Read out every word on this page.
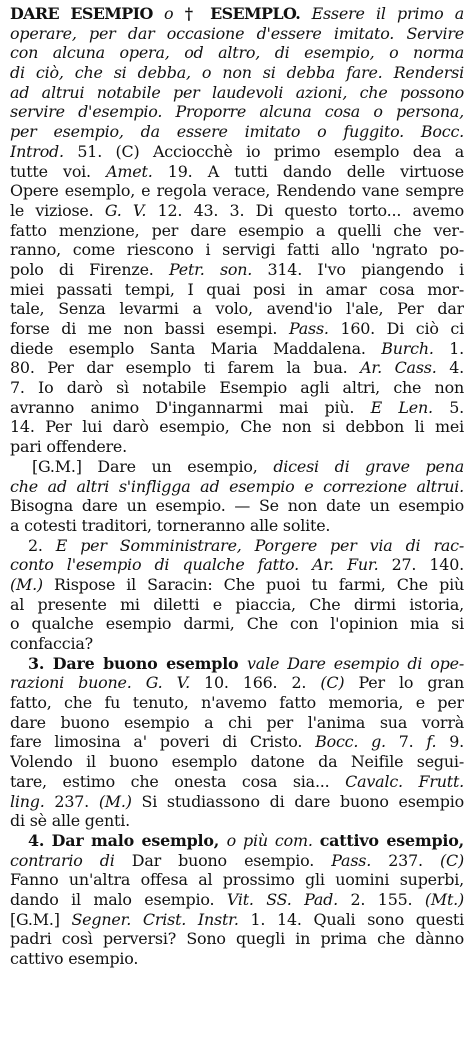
DARE ESEMPIO o † ESEMPLO. Essere il primo a
operare, per dar occasione d'essere imitato. Servire
con alcuna opera, od altro, di esempio, o norma
di ciò, che si debba, o non si debba fare. Rendersi
ad altrui notabile per laudevoli azioni, che possono
servire d'esempio. Proporre alcuna cosa o persona,
per esempio, da essere imitato o fuggito. Bocc.
Introd. 51. (C) Acciocchè io primo esemplo dea a
tutte voi. Amet. 19. A tutti dando delle virtuose
Opere esemplo, e regola verace, Rendendo vane sempre
le viziose. G. V. 12. 43. 3. Di questo torto... avemo
fatto menzione, per dare esempio a quelli che ver-
ranno, come riescono i servigi fatti allo 'ngrato po-
polo di Firenze. Petr. son. 314. I'vo piangendo i
miei passati tempi, I quai posi in amar cosa mor-
tale, Senza levarmi a volo, avend'io l'ale, Per dar
forse di me non bassi esempi. Pass. 160. Di ciò ci
diede esemplo Santa Maria Maddalena. Burch. 1.
80. Per dar esemplo ti farem la bua. Ar. Cass. 4.
7. Io darò sì notabile Esempio agli altri, che non
avranno animo D'ingannarmi mai più. E Len. 5.
14. Per lui darò esempio, Che non si debbon li mei
pari offendere.
[G.M.] Dare un esempio, dicesi di grave pena
che ad altri s'infligga ad esempio e correzione altrui.
Bisogna dare un esempio. — Se non date un esempio
a cotesti traditori, torneranno alle solite.
2. E per Somministrare, Porgere per via di rac-
conto l'esempio di qualche fatto. Ar. Fur. 27. 140.
(M.) Rispose il Saracin: Che puoi tu farmi, Che più
al presente mi diletti e piaccia, Che dirmi istoria,
o qualche esempio darmi, Che con l'opinion mia si
confaccia?
3. Dare buono esemplo vale Dare esempio di ope-
razioni buone. G. V. 10. 166. 2. (C) Per lo gran
fatto, che fu tenuto, n'avemo fatto memoria, e per
dare buono esempio a chi per l'anima sua vorrà
fare limosina a' poveri di Cristo. Bocc. g. 7. f. 9.
Volendo il buono esemplo datone da Neifile segui-
tare, estimo che onesta cosa sia... Cavalc. Frutt.
ling. 237. (M.) Si studiassono di dare buono esempio
di sè alle genti.
4. Dar malo esemplo, o più com. cattivo esempio,
contrario di Dar buono esempio. Pass. 237. (C)
Fanno un'altra offesa al prossimo gli uomini superbi,
dando il malo esempio. Vit. SS. Pad. 2. 155. (Mt.)
[G.M.] Segner. Crist. Instr. 1. 14. Quali sono questi
padri così perversi? Sono quegli in prima che dànno
cattivo esempio.
